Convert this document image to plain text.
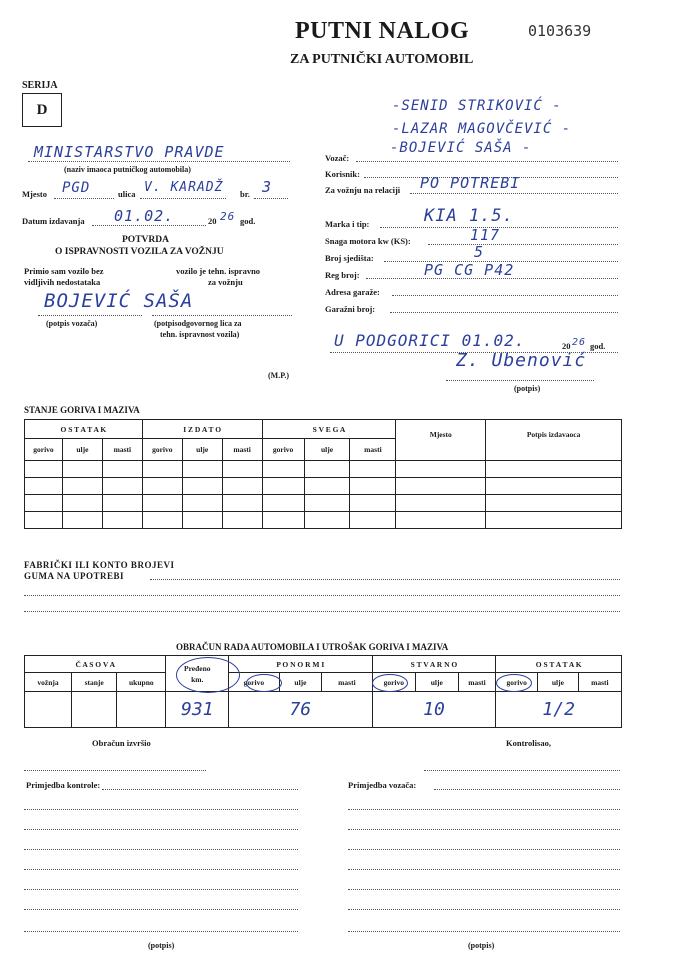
PUTNI NALOG	0103639
ZA PUTNIČKI AUTOMOBIL
SERIJA
D
MINISTARSTVO PRAVDE
(naziv imaoca putničkog automobila)
Mjesto PGD	ulica V. KARADŽ br. 3
Datum izdavanja 01.02.	20 26 god.
POTVRDA
O ISPRAVNOSTI VOZILA ZA VOŽNJU
Primio sam vozilo bez
vidljivih nedostataka
vozilo je tehn. ispravno
za vožnju
BOJEVIĆ SAŠA
(potpis vozača)	(potpisodgovornog lica za
tehn. ispravnost vozila)
(M.P.)
-SENID STRIKOVIĆ -
-LAZAR MAGOVČEVIĆ -
-BOJEVIĆ SAŠA -
Vozač:
Korisnik:
Za vožnju na relaciji PO POTREBI
Marka i tip:	KIA 1.5.
Snaga motora kw (KS):	117
Broj sjedišta:	5
Reg broj:	PG CG P42
Adresa garaže:
Garažni broj:
U PODGORICI 01.02.	20 26 god.
Z. Ubenović
(potpis)
STANJE GORIVA I MAZIVA
O S T A T A K			I Z D A T O			S V E G A			Mjesto	Potpis izdavaoca
gorivo	ulje	masti	gorivo	ulje	masti	gorivo	ulje	masti		

FABRIČKI ILI KONTO BROJEVI
GUMA NA UPOTREBI
OBRAČUN RADA AUTOMOBILA I UTROŠAK GORIVA I MAZIVA
Č A S O V A			Pređeno
km.	P O N O R M I			S T V A R N O			O S T A T A K		
vožnja	stanje	ukupno		gorivo	ulje	masti	gorivo	ulje	masti	gorivo	ulje	masti
			931	76			10			1/2		
Obračun izvršio	Kontrolisao,
Primjedba kontrole:	Primjedba vozača:
(potpis)	(potpis)
